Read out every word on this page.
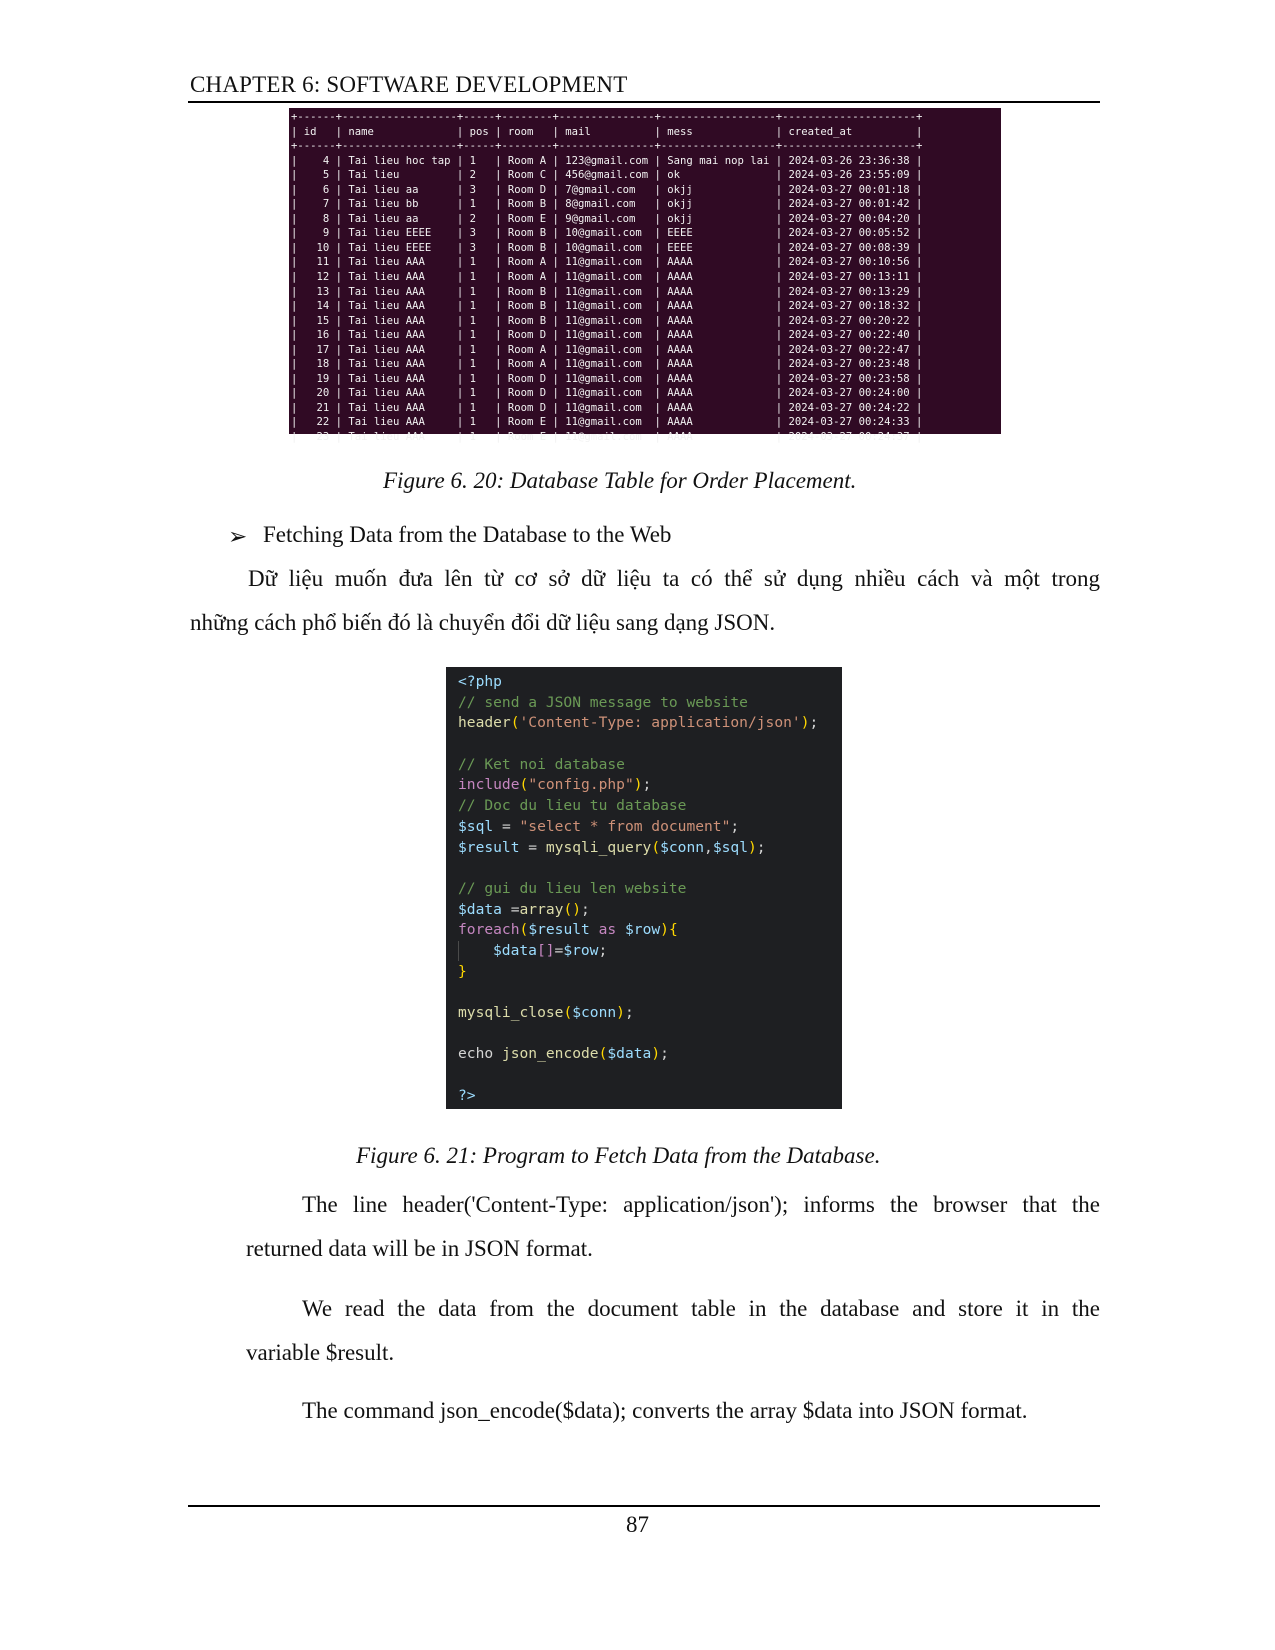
CHAPTER 6: SOFTWARE DEVELOPMENT
+------+------------------+-----+--------+---------------+------------------+---------------------+
| id   | name             | pos | room   | mail          | mess             | created_at          |
+------+------------------+-----+--------+---------------+------------------+---------------------+
|    4 | Tai lieu hoc tap | 1   | Room A | 123@gmail.com | Sang mai nop lai | 2024-03-26 23:36:38 |
|    5 | Tai lieu         | 2   | Room C | 456@gmail.com | ok               | 2024-03-26 23:55:09 |
|    6 | Tai lieu aa      | 3   | Room D | 7@gmail.com   | okjj             | 2024-03-27 00:01:18 |
|    7 | Tai lieu bb      | 1   | Room B | 8@gmail.com   | okjj             | 2024-03-27 00:01:42 |
|    8 | Tai lieu aa      | 2   | Room E | 9@gmail.com   | okjj             | 2024-03-27 00:04:20 |
|    9 | Tai lieu EEEE    | 3   | Room B | 10@gmail.com  | EEEE             | 2024-03-27 00:05:52 |
|   10 | Tai lieu EEEE    | 3   | Room B | 10@gmail.com  | EEEE             | 2024-03-27 00:08:39 |
|   11 | Tai lieu AAA     | 1   | Room A | 11@gmail.com  | AAAA             | 2024-03-27 00:10:56 |
|   12 | Tai lieu AAA     | 1   | Room A | 11@gmail.com  | AAAA             | 2024-03-27 00:13:11 |
|   13 | Tai lieu AAA     | 1   | Room B | 11@gmail.com  | AAAA             | 2024-03-27 00:13:29 |
|   14 | Tai lieu AAA     | 1   | Room B | 11@gmail.com  | AAAA             | 2024-03-27 00:18:32 |
|   15 | Tai lieu AAA     | 1   | Room B | 11@gmail.com  | AAAA             | 2024-03-27 00:20:22 |
|   16 | Tai lieu AAA     | 1   | Room D | 11@gmail.com  | AAAA             | 2024-03-27 00:22:40 |
|   17 | Tai lieu AAA     | 1   | Room A | 11@gmail.com  | AAAA             | 2024-03-27 00:22:47 |
|   18 | Tai lieu AAA     | 1   | Room A | 11@gmail.com  | AAAA             | 2024-03-27 00:23:48 |
|   19 | Tai lieu AAA     | 1   | Room D | 11@gmail.com  | AAAA             | 2024-03-27 00:23:58 |
|   20 | Tai lieu AAA     | 1   | Room D | 11@gmail.com  | AAAA             | 2024-03-27 00:24:00 |
|   21 | Tai lieu AAA     | 1   | Room D | 11@gmail.com  | AAAA             | 2024-03-27 00:24:22 |
|   22 | Tai lieu AAA     | 1   | Room E | 11@gmail.com  | AAAA             | 2024-03-27 00:24:33 |
|   23 | Tai lieu AAA     | 1   | Room E | 11@gmail.com  | AAAA             | 2024-03-27 00:24:37 |
Figure 6. 20: Database Table for Order Placement.
➢ Fetching Data from the Database to the Web
Dữ liệu muốn đưa lên từ cơ sở dữ liệu ta có thể sử dụng nhiều cách và một trong
những cách phổ biến đó là chuyển đổi dữ liệu sang dạng JSON.
<?php
// send a JSON message to website
header('Content-Type: application/json');

// Ket noi database
include("config.php");
// Doc du lieu tu database
$sql = "select * from document";
$result = mysqli_query($conn,$sql);

// gui du lieu len website
$data =array();
foreach($result as $row){
$data[]=$row;
}

mysqli_close($conn);

echo json_encode($data);

?>
Figure 6. 21: Program to Fetch Data from the Database.
The line header('Content-Type: application/json'); informs the browser that the
returned data will be in JSON format.
We read the data from the document table in the database and store it in the
variable $result.
The command json_encode($data); converts the array $data into JSON format.
87
